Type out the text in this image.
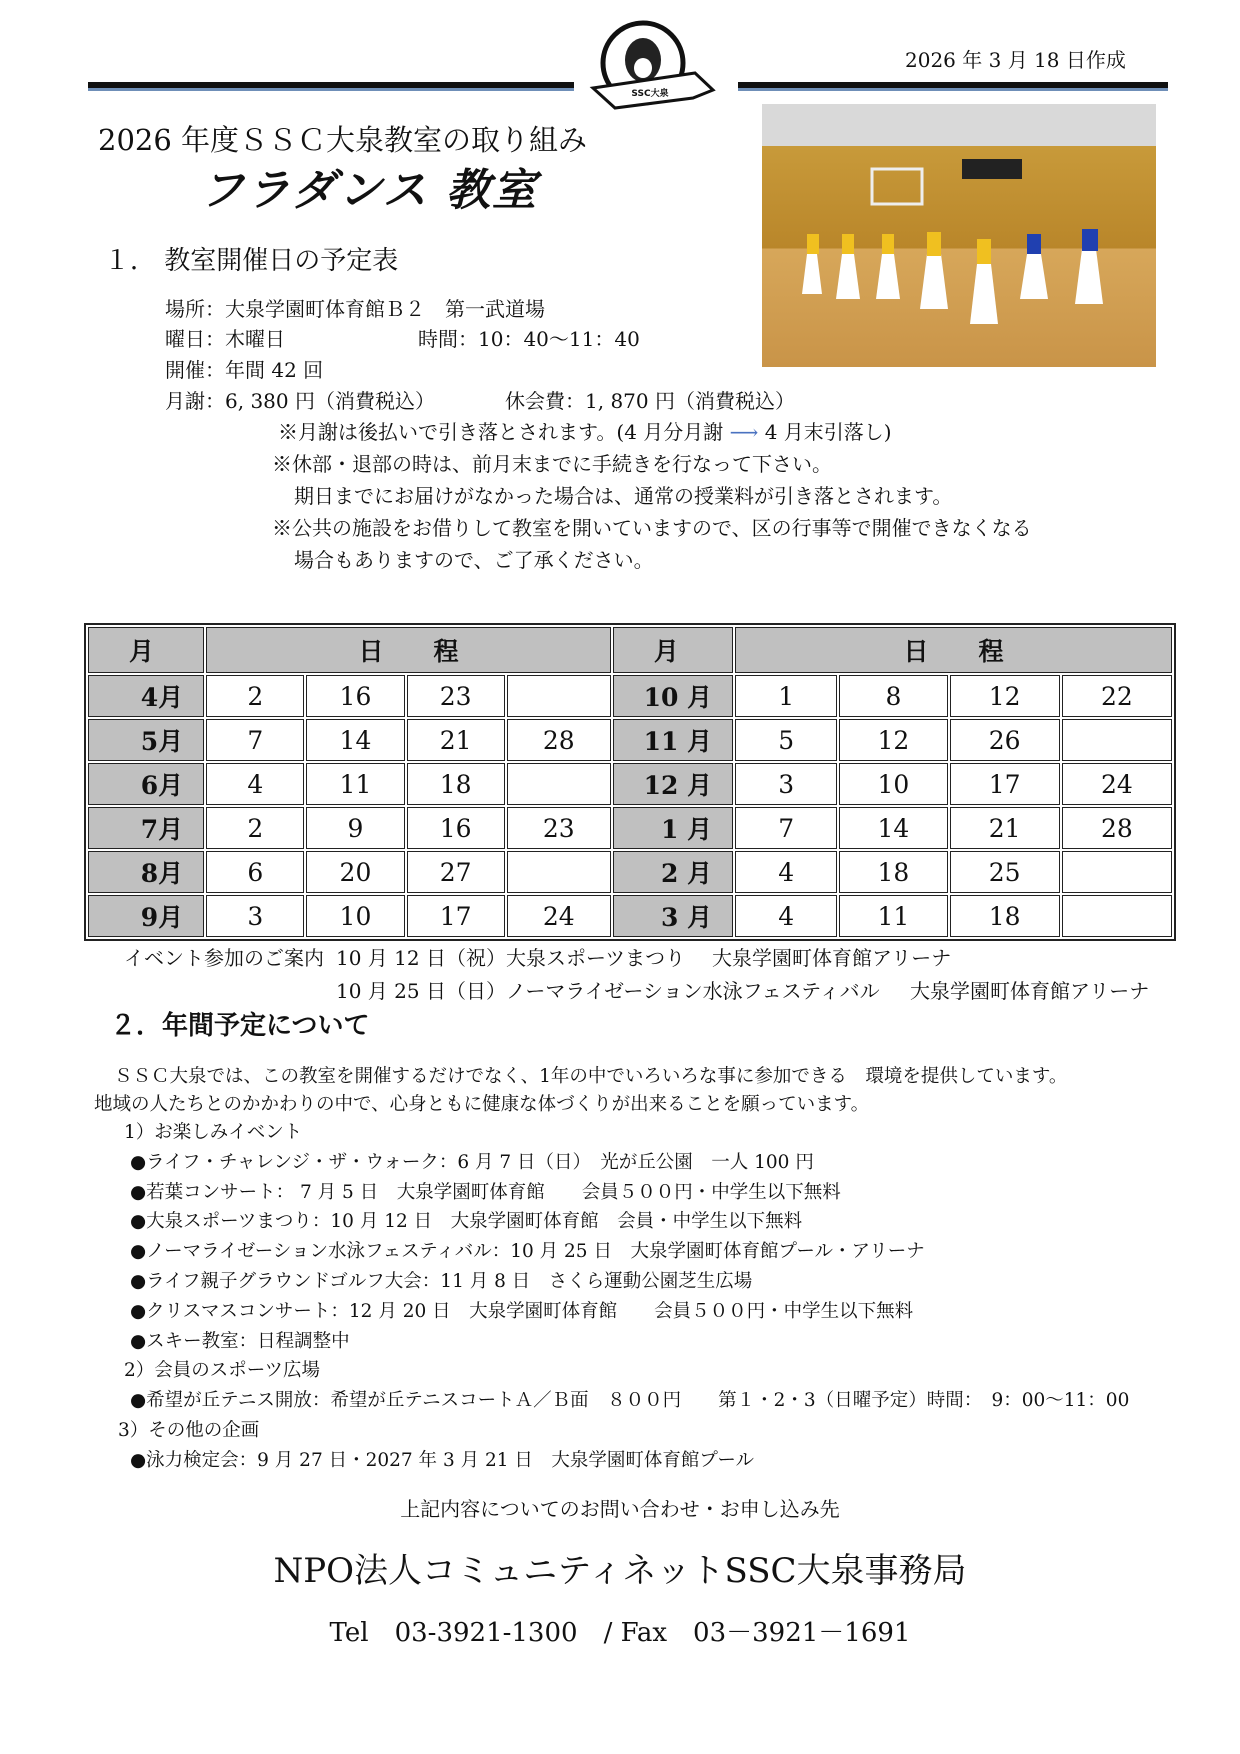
SSC大泉
2026 年 3 月 18 日作成
2026 年度ＳＳＣ大泉教室の取り組み
フラダンス 教室
１． 教室開催日の予定表
場所：大泉学園町体育館Ｂ２　第一武道場
曜日：木曜日	時間：10：40〜11：40
開催：年間 42 回
月謝：6, 380 円（消費税込）	休会費：1, 870 円（消費税込）
※月謝は後払いで引き落とされます。(4 月分月謝 ⟶ 4 月末引落し)
※休部・退部の時は、前月末までに手続きを行なって下さい。
期日までにお届けがなかった場合は、通常の授業料が引き落とされます。
※公共の施設をお借りして教室を開いていますので、区の行事等で開催できなくなる
場合もありますので、ご了承ください。
月	日　　程				月	日　　程			
4月	2	16	23		10 月	1	8	12	22
5月	7	14	21	28	11 月	5	12	26	
6月	4	11	18		12 月	3	10	17	24
7月	2	9	16	23	1 月	7	14	21	28
8月	6	20	27		2 月	4	18	25	
9月	3	10	17	24	3 月	4	11	18	
イベント参加のご案内 10 月 12 日（祝）大泉スポーツまつり 大泉学園町体育館アリーナ
10 月 25 日（日）ノーマライゼーション水泳フェスティバル 大泉学園町体育館アリーナ
２．年間予定について
ＳＳＣ大泉では、この教室を開催するだけでなく、1年の中でいろいろな事に参加できる　環境を提供しています。
地域の人たちとのかかわりの中で、心身ともに健康な体づくりが出来ることを願っています。
1）お楽しみイベント
●ライフ・チャレンジ・ザ・ウォーク：6 月 7 日（日）　光が丘公園　一人 100 円
●若葉コンサート： 7 月 5 日　大泉学園町体育館　　会員５００円・中学生以下無料
●大泉スポーツまつり：10 月 12 日　大泉学園町体育館　会員・中学生以下無料
●ノーマライゼーション水泳フェスティバル：10 月 25 日　大泉学園町体育館プール・アリーナ
●ライフ親子グラウンドゴルフ大会：11 月 8 日　さくら運動公園芝生広場
●クリスマスコンサート：12 月 20 日　大泉学園町体育館　　会員５００円・中学生以下無料
●スキー教室：日程調整中
2）会員のスポーツ広場
●希望が丘テニス開放：希望が丘テニスコートＡ／Ｂ面　８００円　　第１・2・3（日曜予定）時間：　9：00〜11：00
3）その他の企画
●泳力検定会：9 月 27 日・2027 年 3 月 21 日　大泉学園町体育館プール
上記内容についてのお問い合わせ・お申し込み先
NPO法人コミュニティネットSSC大泉事務局
Tel　03-3921-1300　/ Fax　03－3921－1691
